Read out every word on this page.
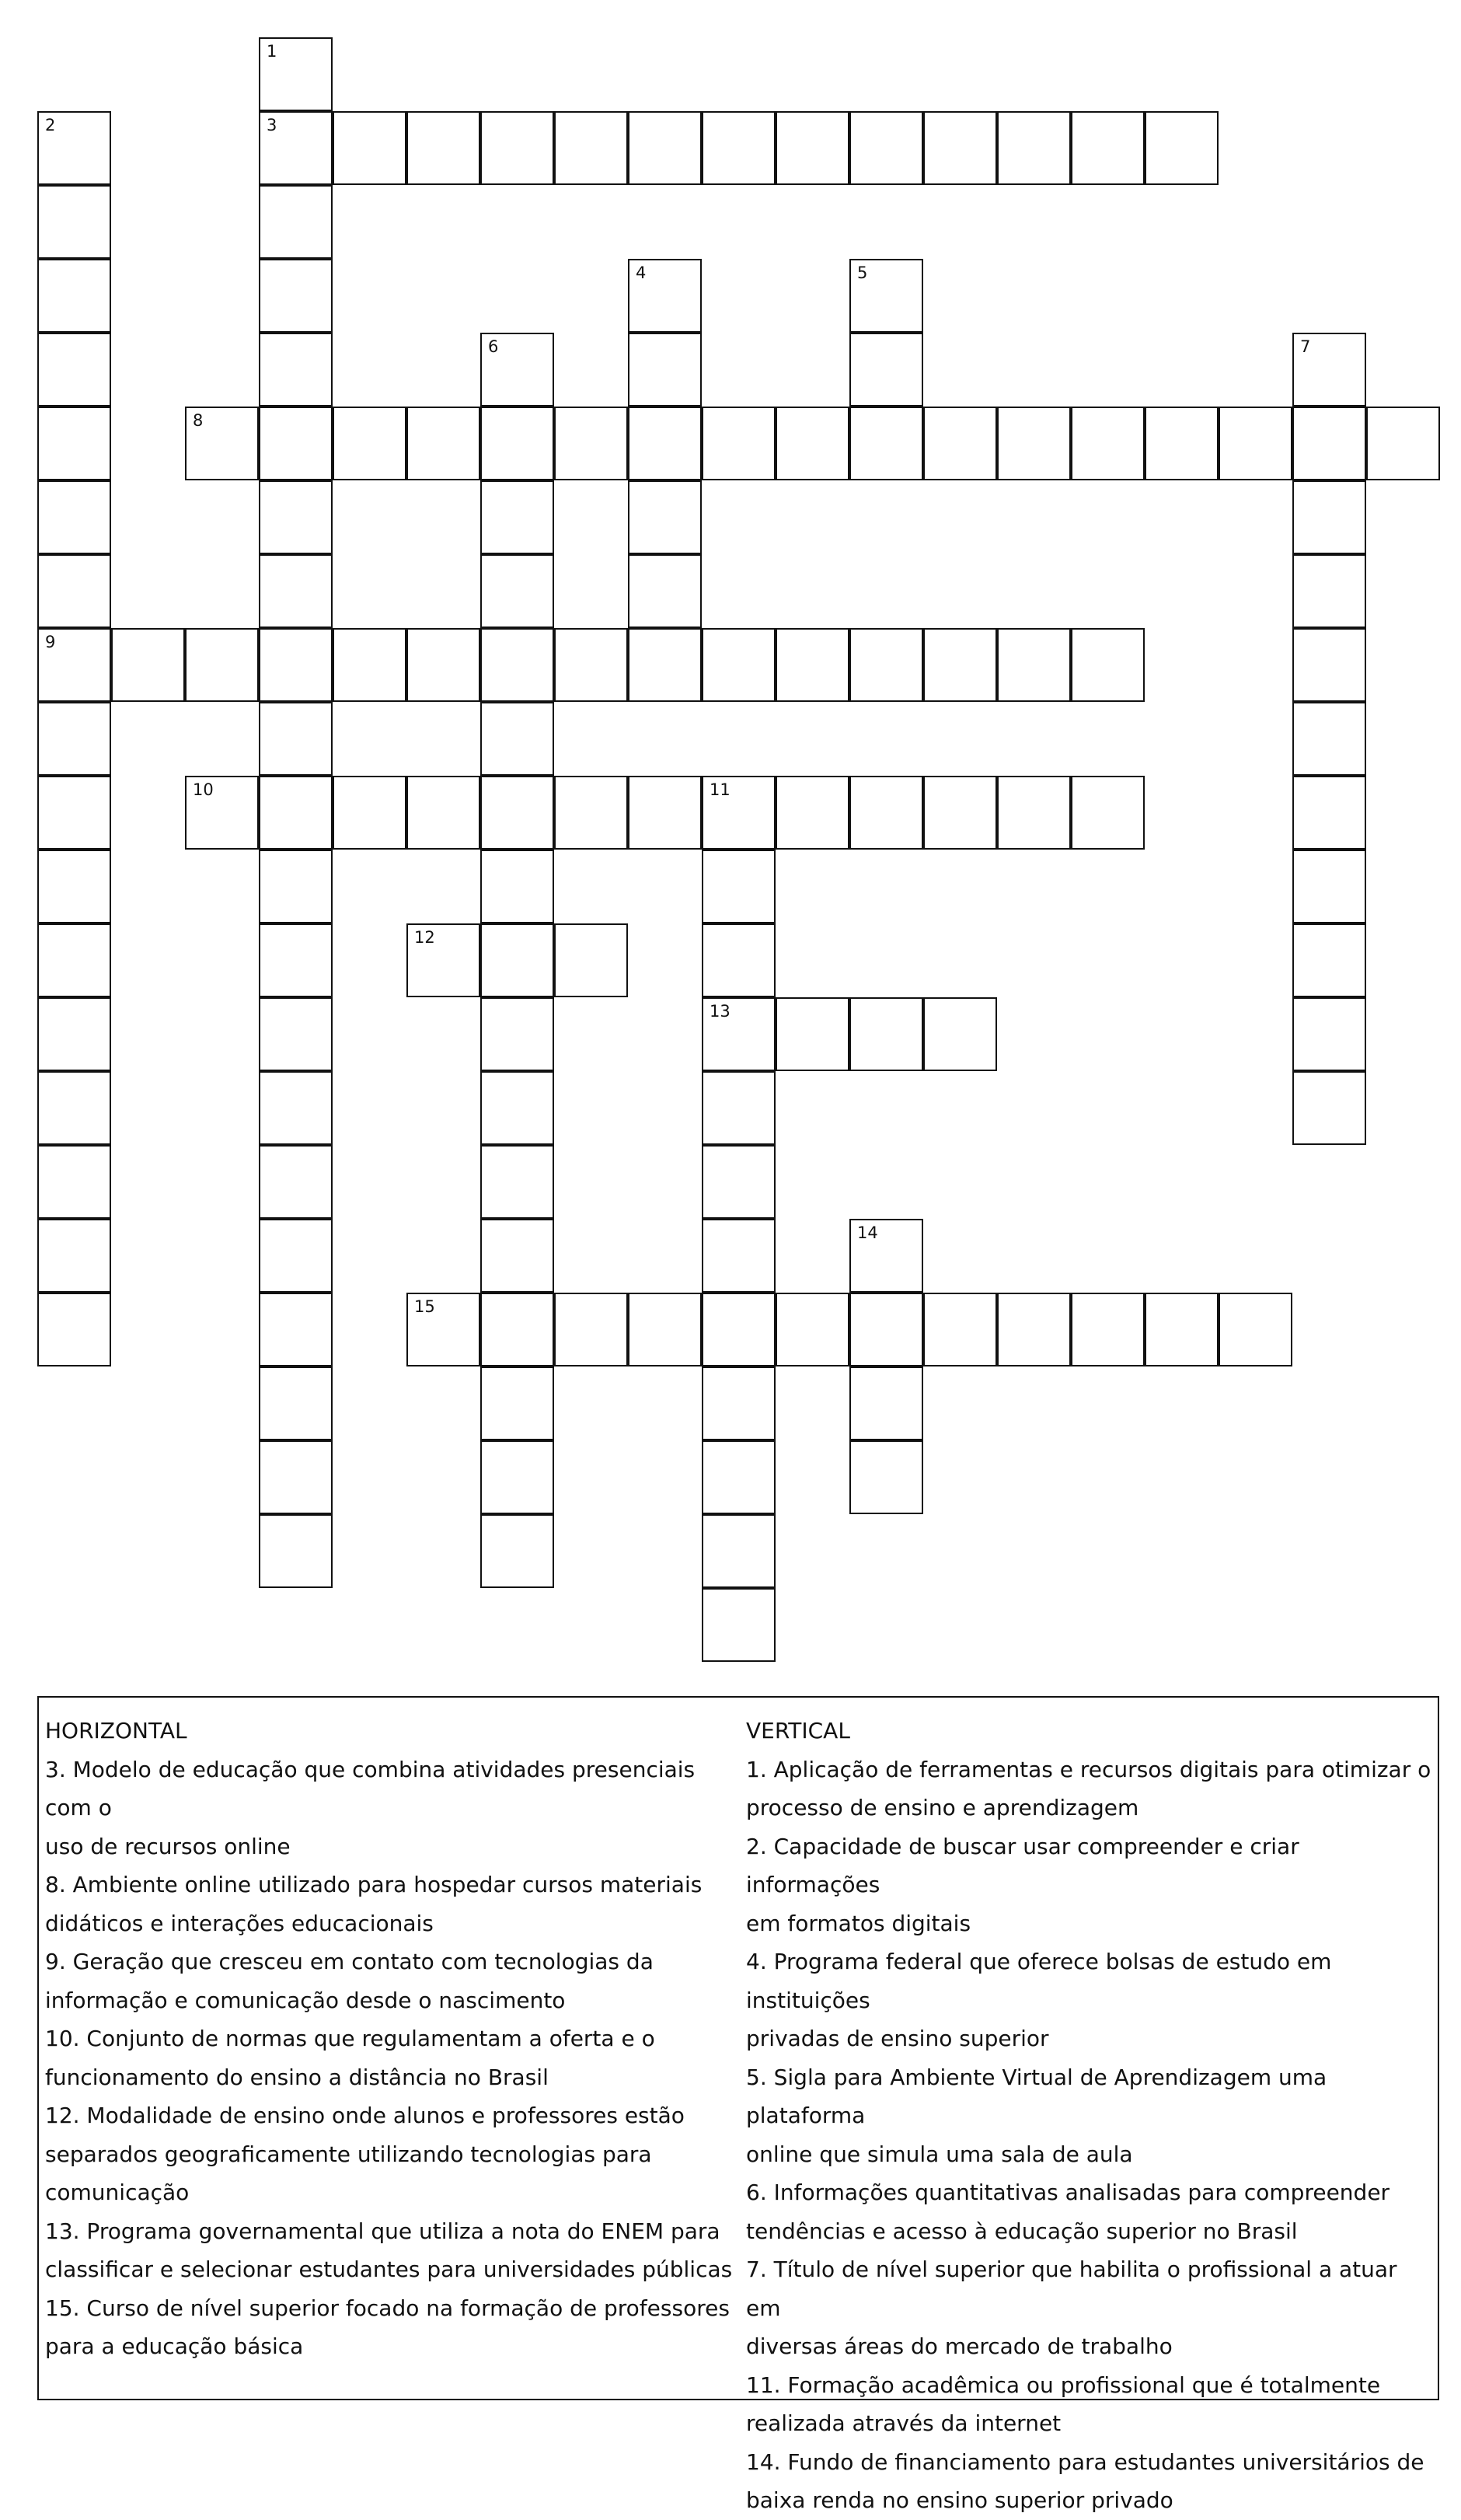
1
2	3
4	5
6	7
8
9
10	11
12
13
14
15

HORIZONTAL

3. Modelo de educação que combina atividades presenciais com o

uso de recursos online

8. Ambiente online utilizado para hospedar cursos materiais

didáticos e interações educacionais

9. Geração que cresceu em contato com tecnologias da

informação e comunicação desde o nascimento

10. Conjunto de normas que regulamentam a oferta e o

funcionamento do ensino a distância no Brasil

12. Modalidade de ensino onde alunos e professores estão

separados geograficamente utilizando tecnologias para

comunicação

13. Programa governamental que utiliza a nota do ENEM para

classificar e selecionar estudantes para universidades públicas

15. Curso de nível superior focado na formação de professores

para a educação básica

VERTICAL

1. Aplicação de ferramentas e recursos digitais para otimizar o

processo de ensino e aprendizagem

2. Capacidade de buscar usar compreender e criar informações

em formatos digitais

4. Programa federal que oferece bolsas de estudo em instituições

privadas de ensino superior

5. Sigla para Ambiente Virtual de Aprendizagem uma plataforma

online que simula uma sala de aula

6. Informações quantitativas analisadas para compreender

tendências e acesso à educação superior no Brasil

7. Título de nível superior que habilita o profissional a atuar em

diversas áreas do mercado de trabalho

11. Formação acadêmica ou profissional que é totalmente

realizada através da internet

14. Fundo de financiamento para estudantes universitários de

baixa renda no ensino superior privado
